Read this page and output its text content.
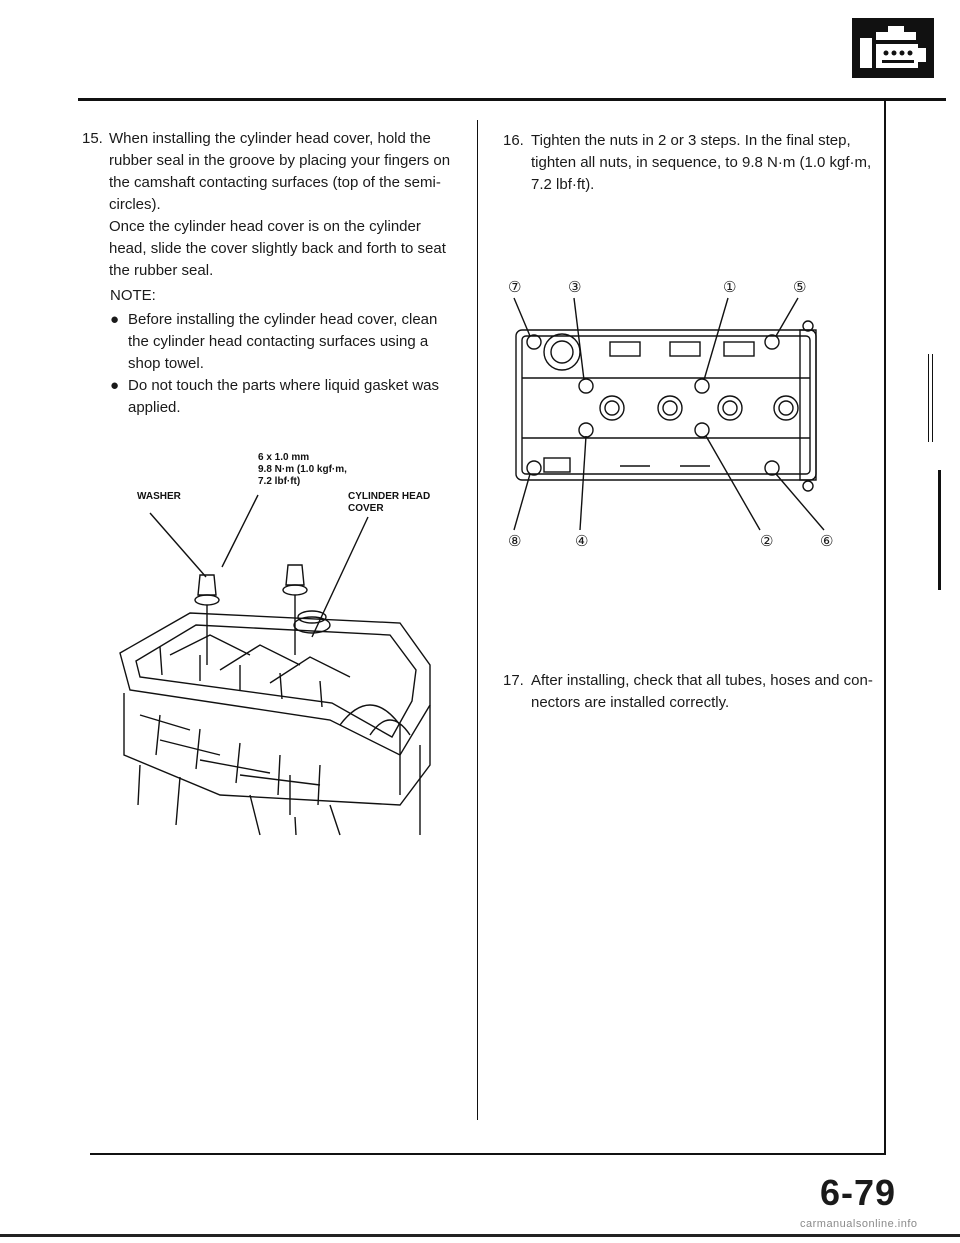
15. When installing the cylinder head cover, hold the
rubber seal in the groove by placing your fingers on
the camshaft contacting surfaces (top of the semi-
circles).
Once the cylinder head cover is on the cylinder
head, slide the cover slightly back and forth to seat
the rubber seal.
NOTE:
● Before installing the cylinder head cover, clean
the cylinder head contacting surfaces using a
shop towel.
● Do not touch the parts where liquid gasket was
applied.
6 x 1.0 mm
9.8 N·m (1.0 kgf·m,
7.2 lbf·ft)
WASHER	CYLINDER HEAD
COVER
16. Tighten the nuts in 2 or 3 steps. In the final step,
tighten all nuts, in sequence, to 9.8 N·m (1.0 kgf·m,
7.2 lbf·ft).
⑦	③	①	⑤
⑧	④	②	⑥
17. After installing, check that all tubes, hoses and con-
nectors are installed correctly.
6-79
carmanualsonline.info
